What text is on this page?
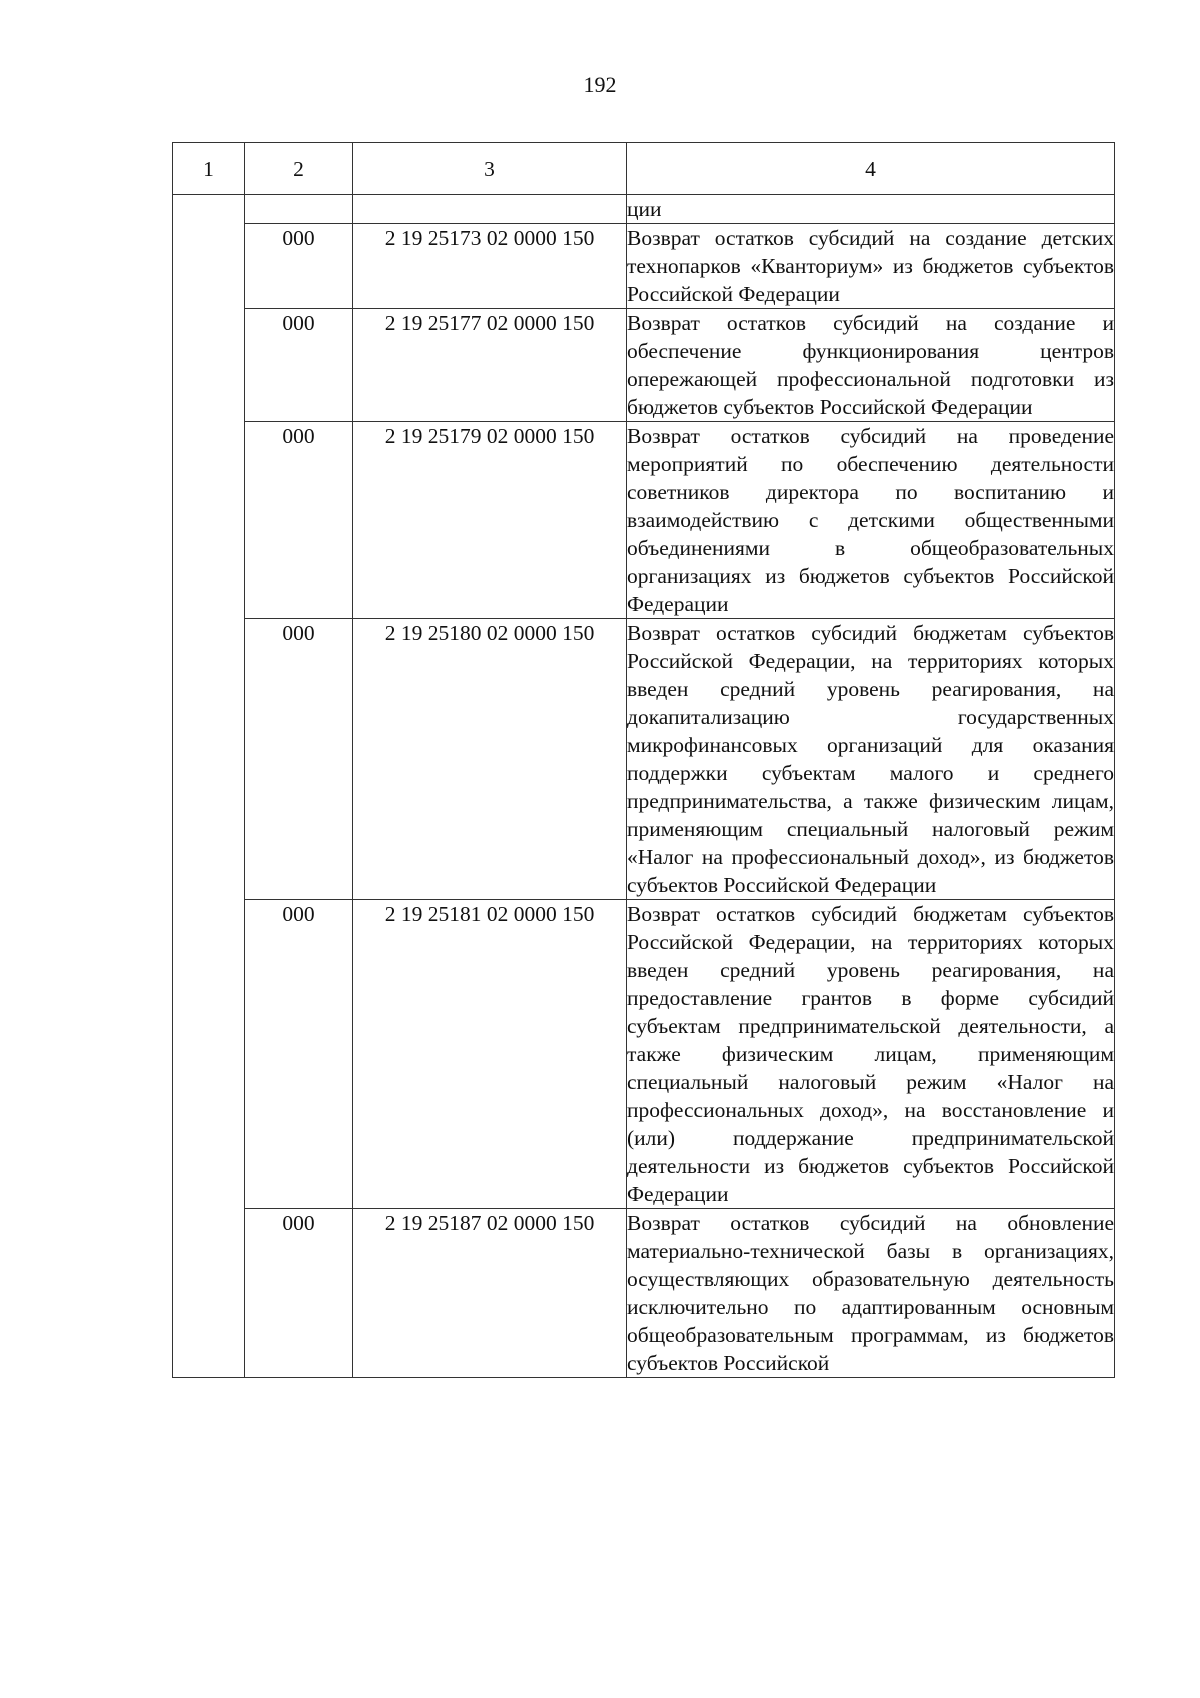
192
1	2	3	4
			ции
	000	2 19 25173 02 0000 150	Возврат остатков субсидий на создание детских технопарков «Кванториум» из бюджетов субъектов Российской Федерации
	000	2 19 25177 02 0000 150	Возврат остатков субсидий на создание и обеспечение функционирования центров опережающей профессиональной подготовки из бюджетов субъектов Российской Федерации
	000	2 19 25179 02 0000 150	Возврат остатков субсидий на проведение мероприятий по обеспечению деятельности советников директора по воспитанию и взаимодействию с детскими общественными объединениями в общеобразовательных организациях из бюджетов субъектов Российской Федерации
	000	2 19 25180 02 0000 150	Возврат остатков субсидий бюджетам субъектов Российской Федерации, на территориях которых введен средний уровень реагирования, на докапитализацию государственных микрофинансовых организаций для оказания поддержки субъектам малого и среднего предпринимательства, а также физическим лицам, применяющим специальный налоговый режим «Налог на профессиональный доход», из бюджетов субъектов Российской Федерации
	000	2 19 25181 02 0000 150	Возврат остатков субсидий бюджетам субъектов Российской Федерации, на территориях которых введен средний уровень реагирования, на предоставление грантов в форме субсидий субъектам предпринимательской деятельности, а также физическим лицам, применяющим специальный налоговый режим «Налог на профессиональных доход», на восстановление и (или) поддержание предпринимательской деятельности из бюджетов субъектов Российской Федерации
	000	2 19 25187 02 0000 150	Возврат остатков субсидий на обновление материально-технической базы в организациях, осуществляющих образовательную деятельность исключительно по адаптированным основным общеобразовательным программам, из бюджетов субъектов Российской
